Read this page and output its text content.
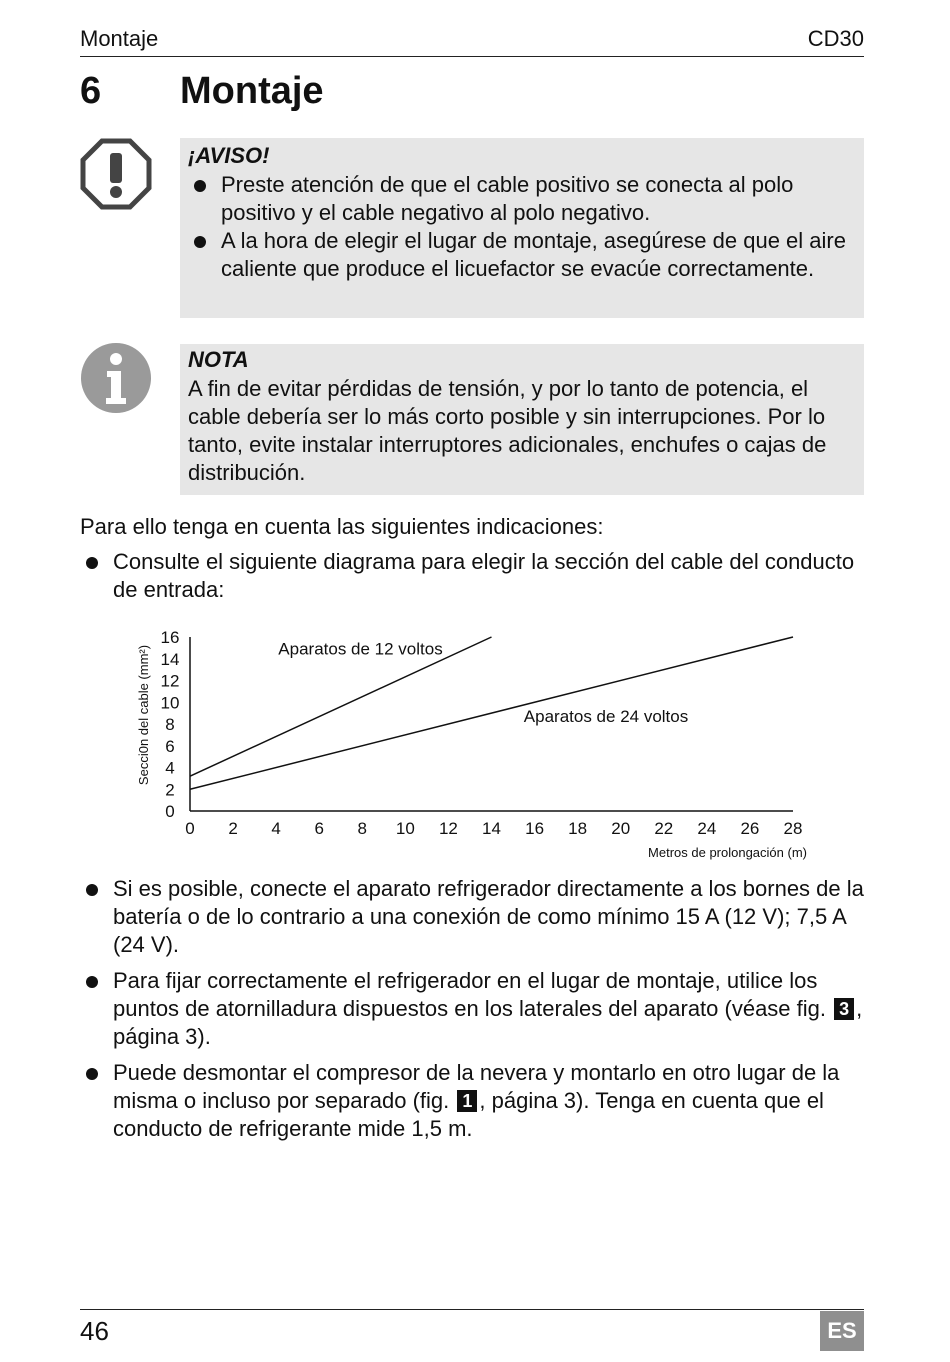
Montaje	CD30
6 Montaje
¡AVISO!
Preste atención de que el cable positivo se conecta al polo positivo y el cable negativo al polo negativo.
A la hora de elegir el lugar de montaje, asegúrese de que el aire caliente que produce el licuefactor se evacúe correctamente.
NOTA

A fin de evitar pérdidas de tensión, y por lo tanto de potencia, el cable debería ser lo más corto posible y sin interrupciones. Por lo tanto, evite instalar interruptores adicionales, enchufes o cajas de distribución.

Para ello tenga en cuenta las siguientes indicaciones:
Consulte el siguiente diagrama para elegir la sección del cable del conducto de entrada:
Secci0n del cable (mm²)
Metros de prolongación (m)
0
2
4
6
8
10
12
14
16
0 2 4 6 8 10 12 14 16 18 20 22 24 26 28
Aparatos de 12 voltos
Aparatos de 24 voltos
Si es posible, conecte el aparato refrigerador directamente a los bornes de la batería o de lo contrario a una conexión de como mínimo 15 A (12 V); 7,5 A (24 V).
Para fijar correctamente el refrigerador en el lugar de montaje, utilice los puntos de atornilladura dispuestos en los laterales del aparato (véase fig. 3 , página 3).
Puede desmontar el compresor de la nevera y montarlo en otro lugar de la misma o incluso por separado (fig. 1 , página 3). Tenga en cuenta que el conducto de refrigerante mide 1,5 m.
46	ES
